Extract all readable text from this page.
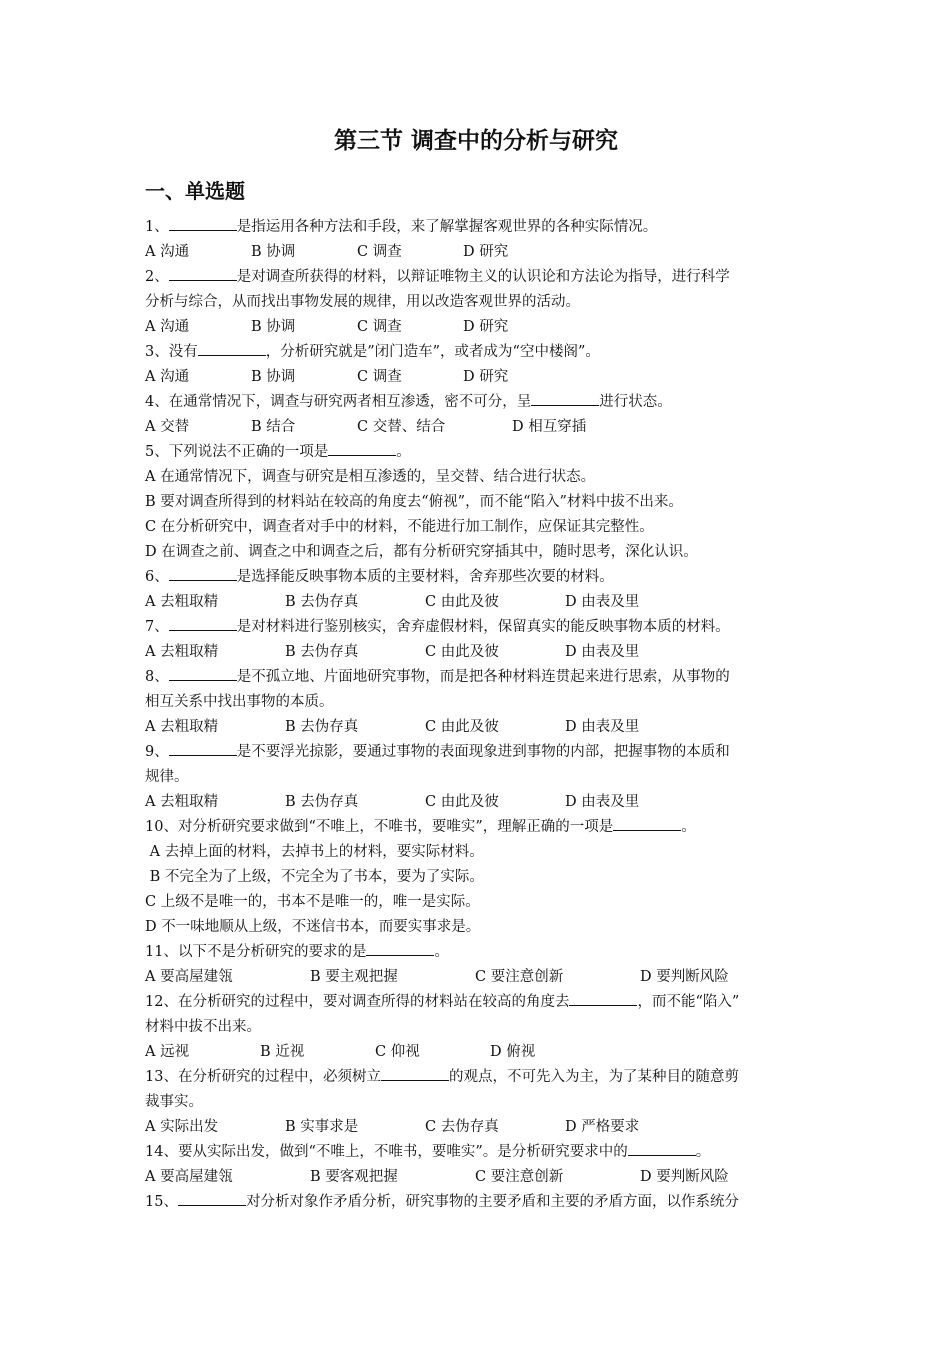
第三节 调查中的分析与研究
一、单选题
1、	是指运用各种方法和手段，来了解掌握客观世界的各种实际情况。
A 沟通	B 协调	C 调查	D 研究
2、	是对调查所获得的材料，以辩证唯物主义的认识论和方法论为指导，进行科学
分析与综合，从而找出事物发展的规律，用以改造客观世界的活动。
A 沟通	B 协调	C 调查	D 研究
3、没有	，分析研究就是”闭门造车”，或者成为“空中楼阁”。
A 沟通	B 协调	C 调查	D 研究
4、在通常情况下，调查与研究两者相互渗透，密不可分，呈	进行状态。
A 交替	B 结合	C 交替、结合	D 相互穿插
5、下列说法不正确的一项是	。
A 在通常情况下，调查与研究是相互渗透的，呈交替、结合进行状态。
B 要对调查所得到的材料站在较高的角度去“俯视”，而不能“陷入”材料中拔不出来。
C 在分析研究中，调查者对手中的材料，不能进行加工制作，应保证其完整性。
D 在调查之前、调查之中和调查之后，都有分析研究穿插其中，随时思考，深化认识。
6、	是选择能反映事物本质的主要材料，舍弃那些次要的材料。
A 去粗取精	B 去伪存真	C 由此及彼	D 由表及里
7、	是对材料进行鉴别核实，舍弃虚假材料，保留真实的能反映事物本质的材料。
A 去粗取精	B 去伪存真	C 由此及彼	D 由表及里
8、	是不孤立地、片面地研究事物，而是把各种材料连贯起来进行思索，从事物的
相互关系中找出事物的本质。
A 去粗取精	B 去伪存真	C 由此及彼	D 由表及里
9、	是不要浮光掠影，要通过事物的表面现象进到事物的内部，把握事物的本质和
规律。
A 去粗取精	B 去伪存真	C 由此及彼	D 由表及里
10、对分析研究要求做到“不唯上，不唯书，要唯实”，理解正确的一项是	。
A 去掉上面的材料，去掉书上的材料，要实际材料。
B 不完全为了上级，不完全为了书本，要为了实际。
C 上级不是唯一的，书本不是唯一的，唯一是实际。
D 不一味地顺从上级，不迷信书本，而要实事求是。
11、以下不是分析研究的要求的是	。
A 要高屋建瓴	B 要主观把握	C 要注意创新	D 要判断风险
12、在分析研究的过程中，要对调查所得的材料站在较高的角度去	，而不能“陷入”
材料中拔不出来。
A 远视	B 近视	C 仰视	D 俯视
13、在分析研究的过程中，必须树立	的观点，不可先入为主，为了某种目的随意剪
裁事实。
A 实际出发	B 实事求是	C 去伪存真	D 严格要求
14、要从实际出发，做到“不唯上，不唯书，要唯实”。是分析研究要求中的	。
A 要高屋建瓴	B 要客观把握	C 要注意创新	D 要判断风险
15、	对分析对象作矛盾分析，研究事物的主要矛盾和主要的矛盾方面，以作系统分
